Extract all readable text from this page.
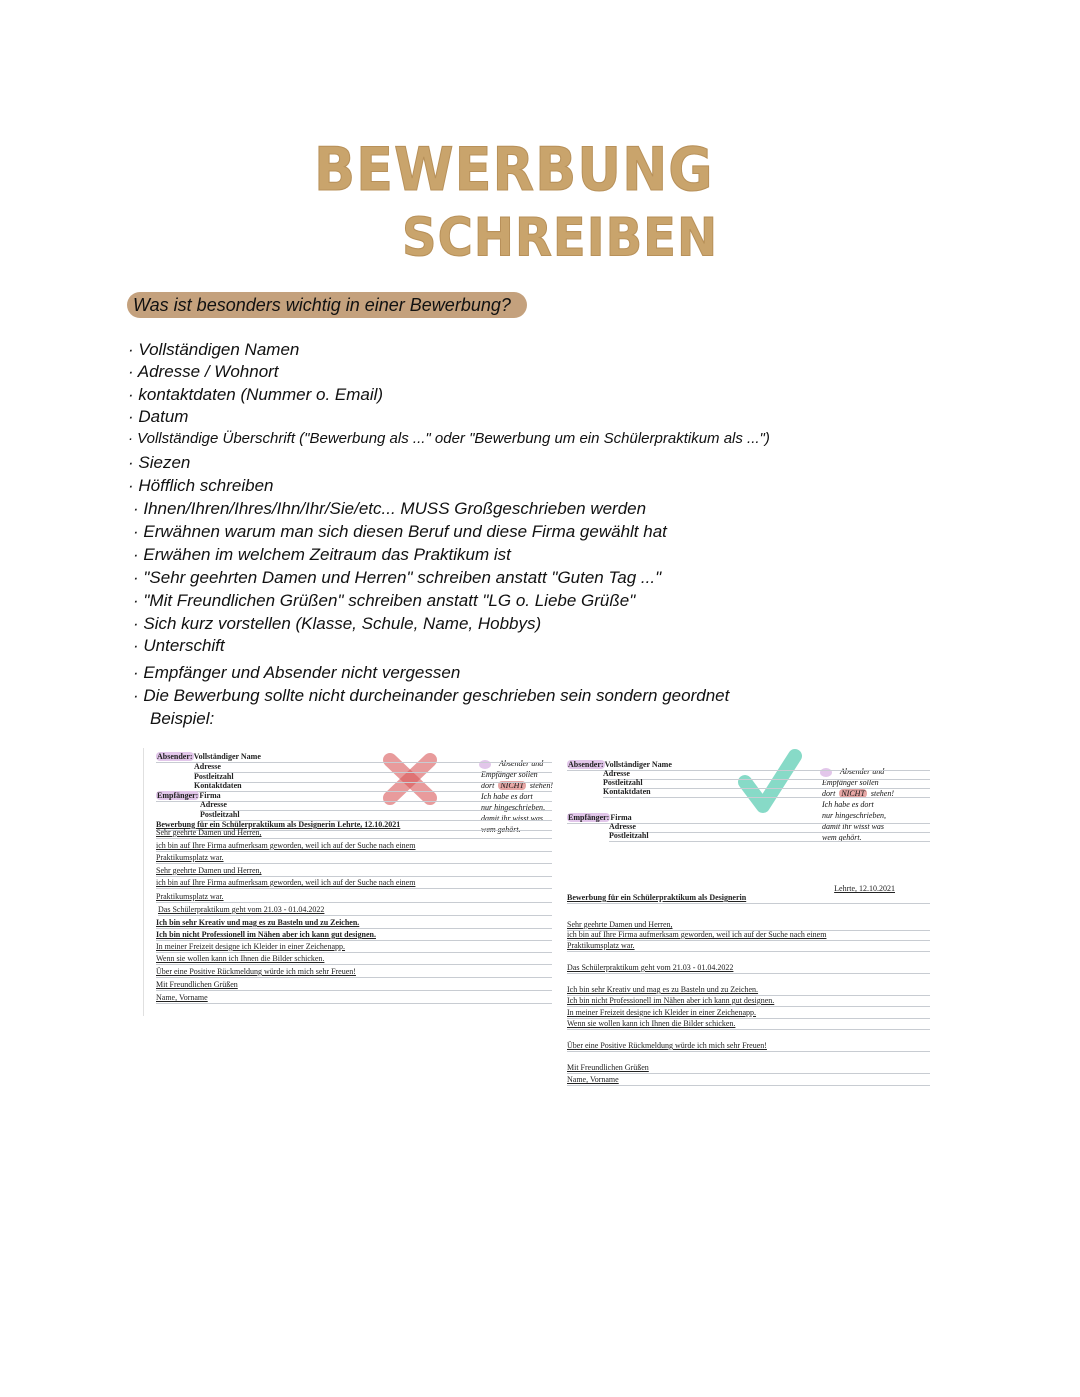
BEWERBUNG
SCHREIBEN
Was ist besonders wichtig in einer Bewerbung?
· Vollständigen Namen
· Adresse / Wohnort
· kontaktdaten (Nummer o. Email)
· Datum
· Vollständige Überschrift ("Bewerbung als ..." oder "Bewerbung um ein Schülerpraktikum als ...")
· Siezen
· Höfflich schreiben
· Ihnen/Ihren/Ihres/Ihn/Ihr/Sie/etc... MUSS Großgeschrieben werden
· Erwähnen warum man sich diesen Beruf und diese Firma gewählt hat
· Erwähen im welchem Zeitraum das Praktikum ist
· "Sehr geehrten Damen und Herren" schreiben anstatt "Guten Tag ..."
· "Mit Freundlichen Grüßen" schreiben anstatt "LG o. Liebe Grüße"
· Sich kurz vorstellen (Klasse, Schule, Name, Hobbys)
· Unterschift
· Empfänger und Absender nicht vergessen
· Die Bewerbung sollte nicht durcheinander geschrieben sein sondern geordnet
Beispiel:
Absender und
Empfänger sollen
dort NICHT stehen!
Ich habe es dort
nur hingeschrieben,
damit ihr wisst was
wem gehört.
Absender:Vollständiger Name
Adresse
Postleitzahl
Kontaktdaten
Empfänger:Firma
Adresse
Postleitzahl
Bewerbung für ein Schülerpraktikum als Designerin Lehrte, 12.10.2021
Sehr geehrte Damen und Herren,
ich bin auf Ihre Firma aufmerksam geworden, weil ich auf der Suche nach einem
Praktikumsplatz war.
Sehr geehrte Damen und Herren,
ich bin auf Ihre Firma aufmerksam geworden, weil ich auf der Suche nach einem
Praktikumsplatz war.
Das Schülerpraktikum geht vom 21.03 - 01.04.2022
Ich bin sehr Kreativ und mag es zu Basteln und zu Zeichen.
Ich bin nicht Professionell im Nähen aber ich kann gut designen.
In meiner Freizeit designe ich Kleider in einer Zeichenapp.
Wenn sie wollen kann ich Ihnen die Bilder schicken.
Über eine Positive Rückmeldung würde ich mich sehr Freuen!
Mit Freundlichen Grüßen
Name, Vorname
Absender und
Empfänger sollen
dort NICHT stehen!
Ich habe es dort
nur hingeschrieben,
damit ihr wisst was
wem gehört.
Absender:Vollständiger Name
Adresse
Postleitzahl
Kontaktdaten
Empfänger:Firma
Adresse
Postleitzahl
Lehrte, 12.10.2021
Bewerbung für ein Schülerpraktikum als Designerin
Sehr geehrte Damen und Herren,
ich bin auf Ihre Firma aufmerksam geworden, weil ich auf der Suche nach einem
Praktikumsplatz war.
Das Schülerpraktikum geht vom 21.03 - 01.04.2022
Ich bin sehr Kreativ und mag es zu Basteln und zu Zeichen.
Ich bin nicht Professionell im Nähen aber ich kann gut designen.
In meiner Freizeit designe ich Kleider in einer Zeichenapp.
Wenn sie wollen kann ich Ihnen die Bilder schicken.
Über eine Positive Rückmeldung würde ich mich sehr Freuen!
Mit Freundlichen Grüßen
Name, Vorname
